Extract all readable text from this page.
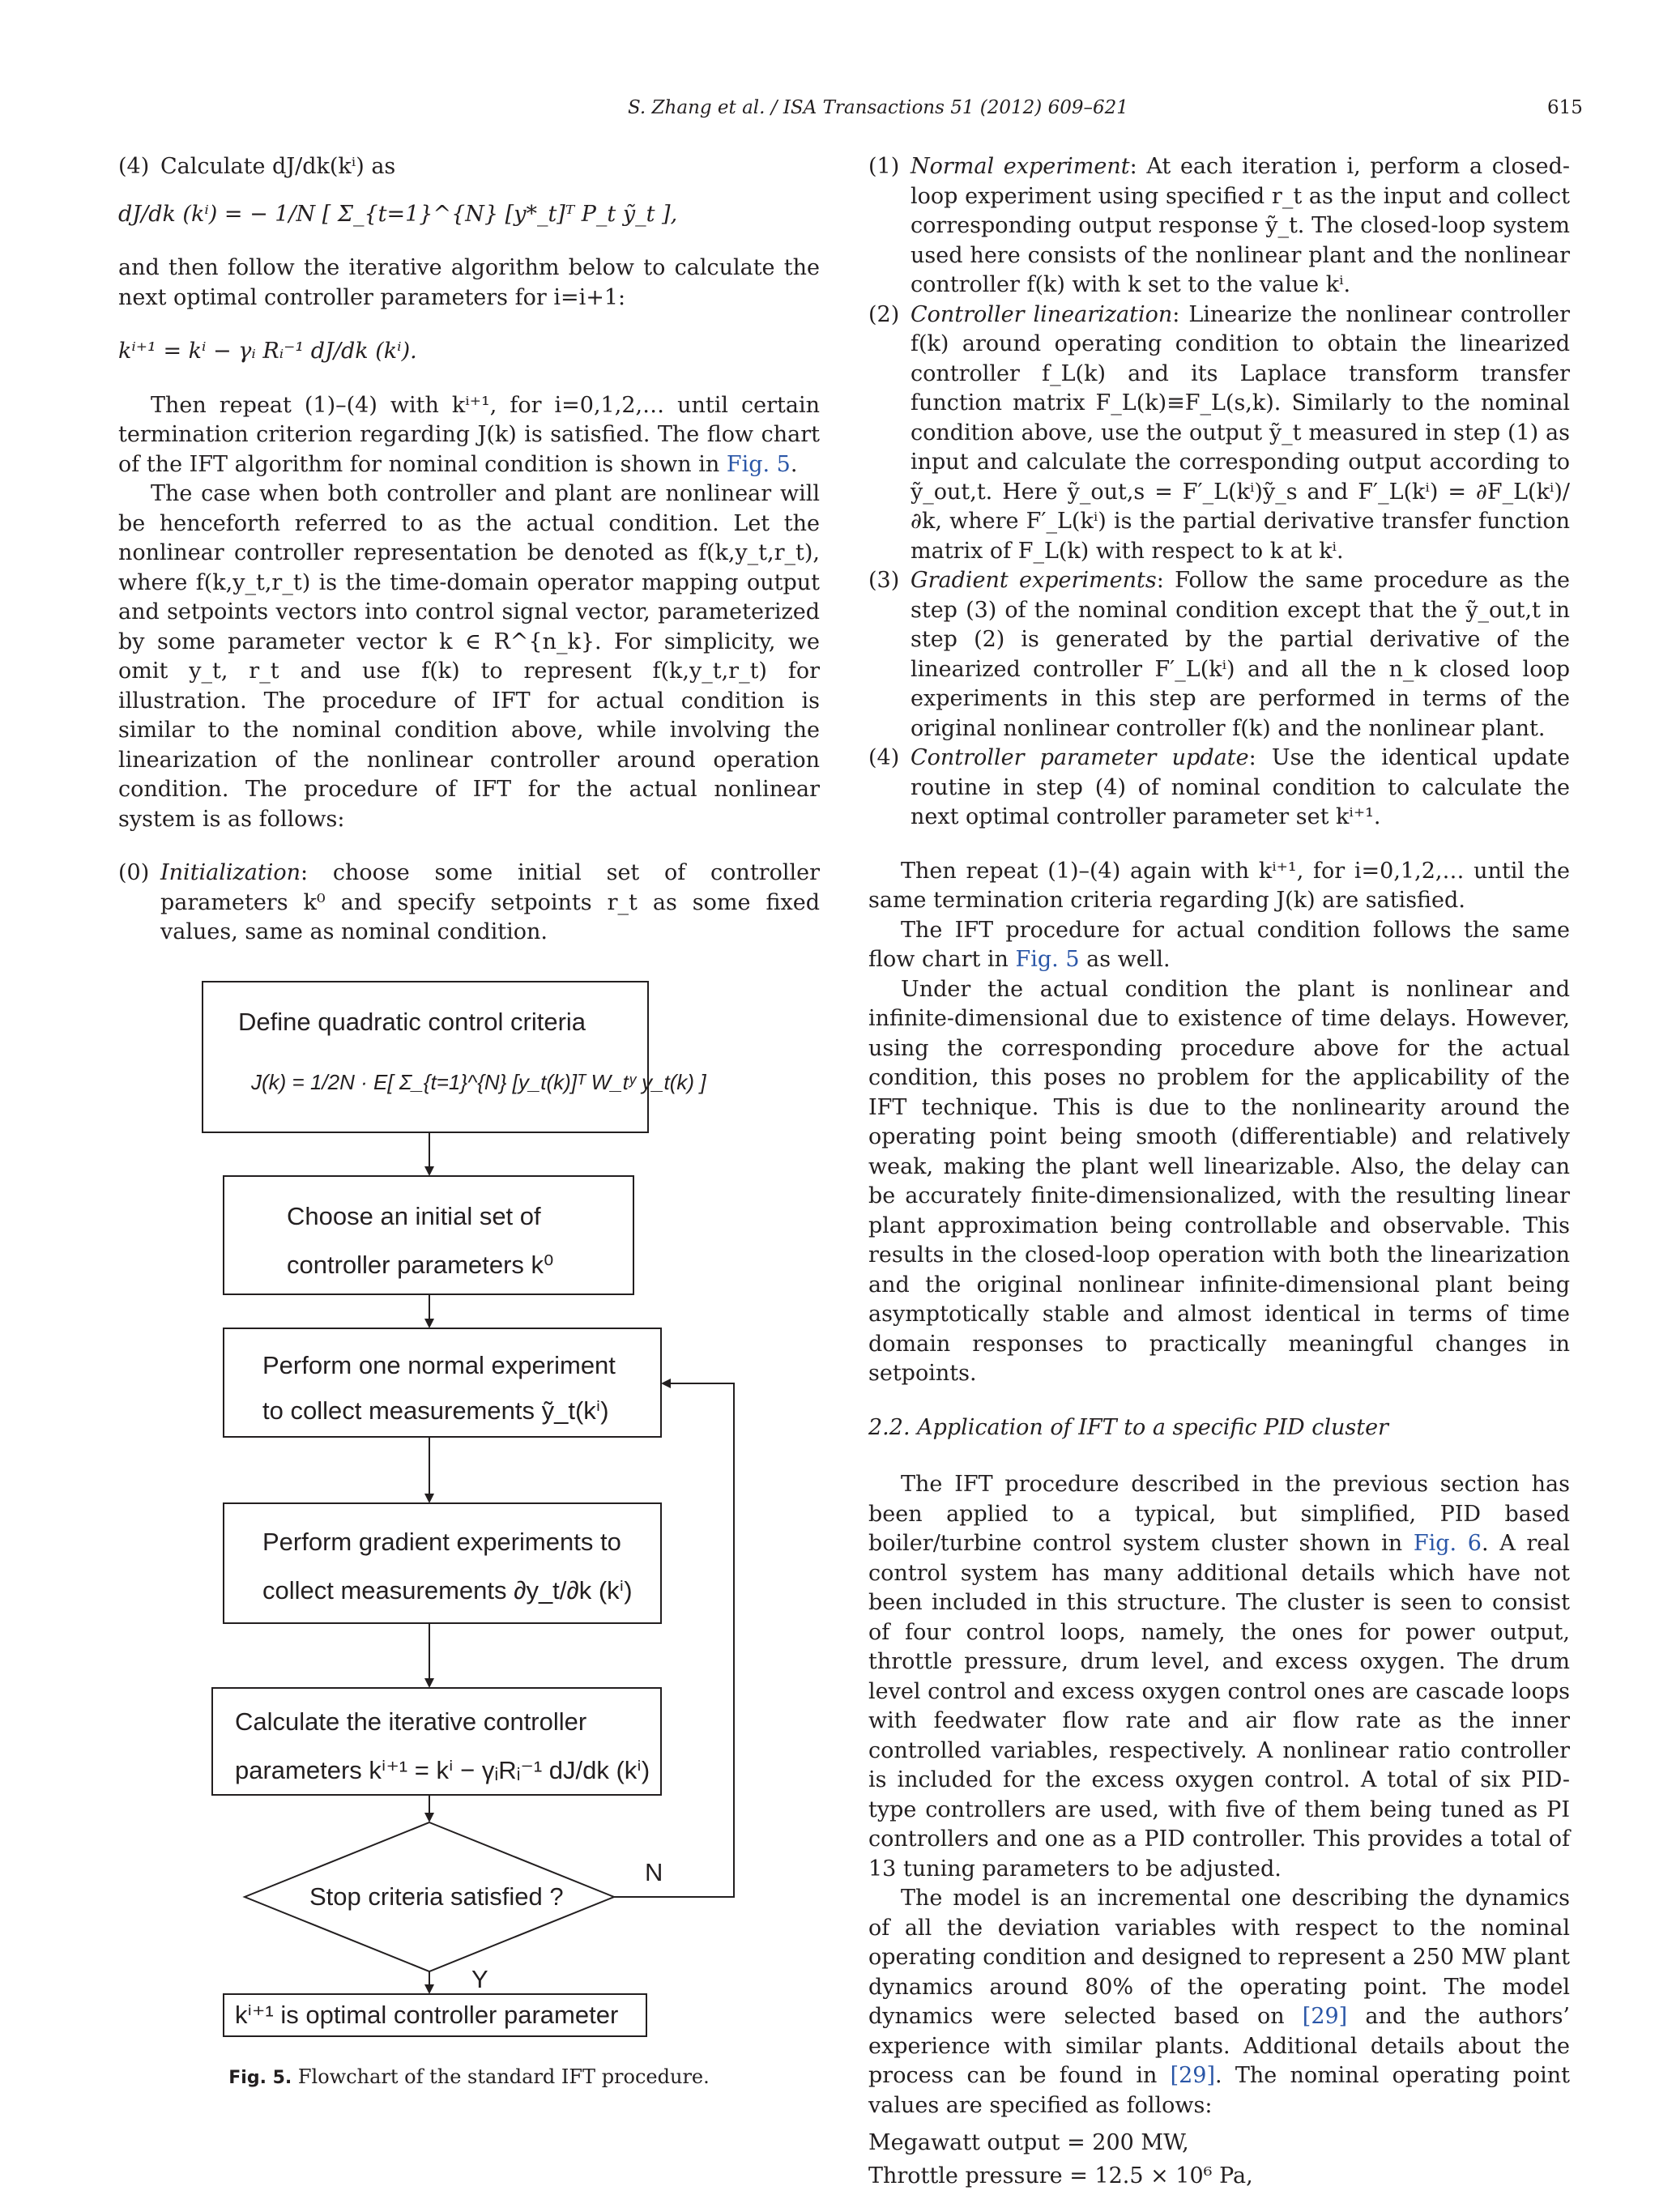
S. Zhang et al. / ISA Transactions 51 (2012) 609–621	615
(4) Calculate dJ/dk(kⁱ) as
dJ/dk (kⁱ) = − 1/N [ Σ_{t=1}^{N} [y*_t]ᵀ P_t ỹ_t ],

and then follow the iterative algorithm below to calculate the next optimal controller parameters for i=i+1:

kⁱ⁺¹ = kⁱ − γᵢ Rᵢ⁻¹ dJ/dk (kⁱ).

Then repeat (1)–(4) with kⁱ⁺¹, for i=0,1,2,… until certain termination criterion regarding J(k) is satisfied. The flow chart of the IFT algorithm for nominal condition is shown in Fig. 5.

The case when both controller and plant are nonlinear will be henceforth referred to as the actual condition. Let the nonlinear controller representation be denoted as f(k,y_t,r_t), where f(k,y_t,r_t) is the time-domain operator mapping output and setpoints vectors into control signal vector, parameterized by some parameter vector k ∈ R^{n_k}. For simplicity, we omit y_t, r_t and use f(k) to represent f(k,y_t,r_t) for illustration. The procedure of IFT for actual condition is similar to the nominal condition above, while involving the linearization of the nonlinear controller around operation condition. The procedure of IFT for the actual nonlinear system is as follows:

(0) Initialization: choose some initial set of controller parameters k⁰ and specify setpoints r_t as some fixed values, same as nominal condition.
Define quadratic control criteria
J(k) = 1/2N · E[ Σ_{t=1}^{N} [y_t(k)]ᵀ W_tʸ y_t(k) ]
Choose an initial set of
controller parameters k⁰
Perform one normal experiment
to collect measurements ỹ_t(kⁱ)
Perform gradient experiments to
collect measurements ∂y_t/∂k (kⁱ)
Calculate the iterative controller
parameters kⁱ⁺¹ = kⁱ − γᵢRᵢ⁻¹ dJ/dk (kⁱ)
Stop criteria satisfied ?
N
Y
kⁱ⁺¹ is optimal controller parameter
Fig. 5. Flowchart of the standard IFT procedure.
(1) Normal experiment: At each iteration i, perform a closed-loop experiment using specified r_t as the input and collect corresponding output response ỹ_t. The closed-loop system used here consists of the nonlinear plant and the nonlinear controller f(k) with k set to the value kⁱ.
(2) Controller linearization: Linearize the nonlinear controller f(k) around operating condition to obtain the linearized controller f_L(k) and its Laplace transform transfer function matrix F_L(k)≡F_L(s,k). Similarly to the nominal condition above, use the output ỹ_t measured in step (1) as input and calculate the corresponding output according to ỹ_out,t. Here ỹ_out,s = F′_L(kⁱ)ỹ_s and F′_L(kⁱ) = ∂F_L(kⁱ)/∂k, where F′_L(kⁱ) is the partial derivative transfer function matrix of F_L(k) with respect to k at kⁱ.
(3) Gradient experiments: Follow the same procedure as the step (3) of the nominal condition except that the ỹ_out,t in step (2) is generated by the partial derivative of the linearized controller F′_L(kⁱ) and all the n_k closed loop experiments in this step are performed in terms of the original nonlinear controller f(k) and the nonlinear plant.
(4) Controller parameter update: Use the identical update routine in step (4) of nominal condition to calculate the next optimal controller parameter set kⁱ⁺¹.

Then repeat (1)–(4) again with kⁱ⁺¹, for i=0,1,2,… until the same termination criteria regarding J(k) are satisfied.

The IFT procedure for actual condition follows the same flow chart in Fig. 5 as well.

Under the actual condition the plant is nonlinear and infinite-dimensional due to existence of time delays. However, using the corresponding procedure above for the actual condition, this poses no problem for the applicability of the IFT technique. This is due to the nonlinearity around the operating point being smooth (differentiable) and relatively weak, making the plant well linearizable. Also, the delay can be accurately finite-dimensionalized, with the resulting linear plant approximation being controllable and observable. This results in the closed-loop operation with both the linearization and the original nonlinear infinite-dimensional plant being asymptotically stable and almost identical in terms of time domain responses to practically meaningful changes in setpoints.

2.2. Application of IFT to a specific PID cluster

The IFT procedure described in the previous section has been applied to a typical, but simplified, PID based boiler/turbine control system cluster shown in Fig. 6. A real control system has many additional details which have not been included in this structure. The cluster is seen to consist of four control loops, namely, the ones for power output, throttle pressure, drum level, and excess oxygen. The drum level control and excess oxygen control ones are cascade loops with feedwater flow rate and air flow rate as the inner controlled variables, respectively. A nonlinear ratio controller is included for the excess oxygen control. A total of six PID-type controllers are used, with five of them being tuned as PI controllers and one as a PID controller. This provides a total of 13 tuning parameters to be adjusted.

The model is an incremental one describing the dynamics of all the deviation variables with respect to the nominal operating condition and designed to represent a 250 MW plant dynamics around 80% of the operating point. The model dynamics were selected based on [29] and the authors’ experience with similar plants. Additional details about the process can be found in [29]. The nominal operating point values are specified as follows:

Megawatt output = 200 MW,
Throttle pressure = 12.5 × 10⁶ Pa,
